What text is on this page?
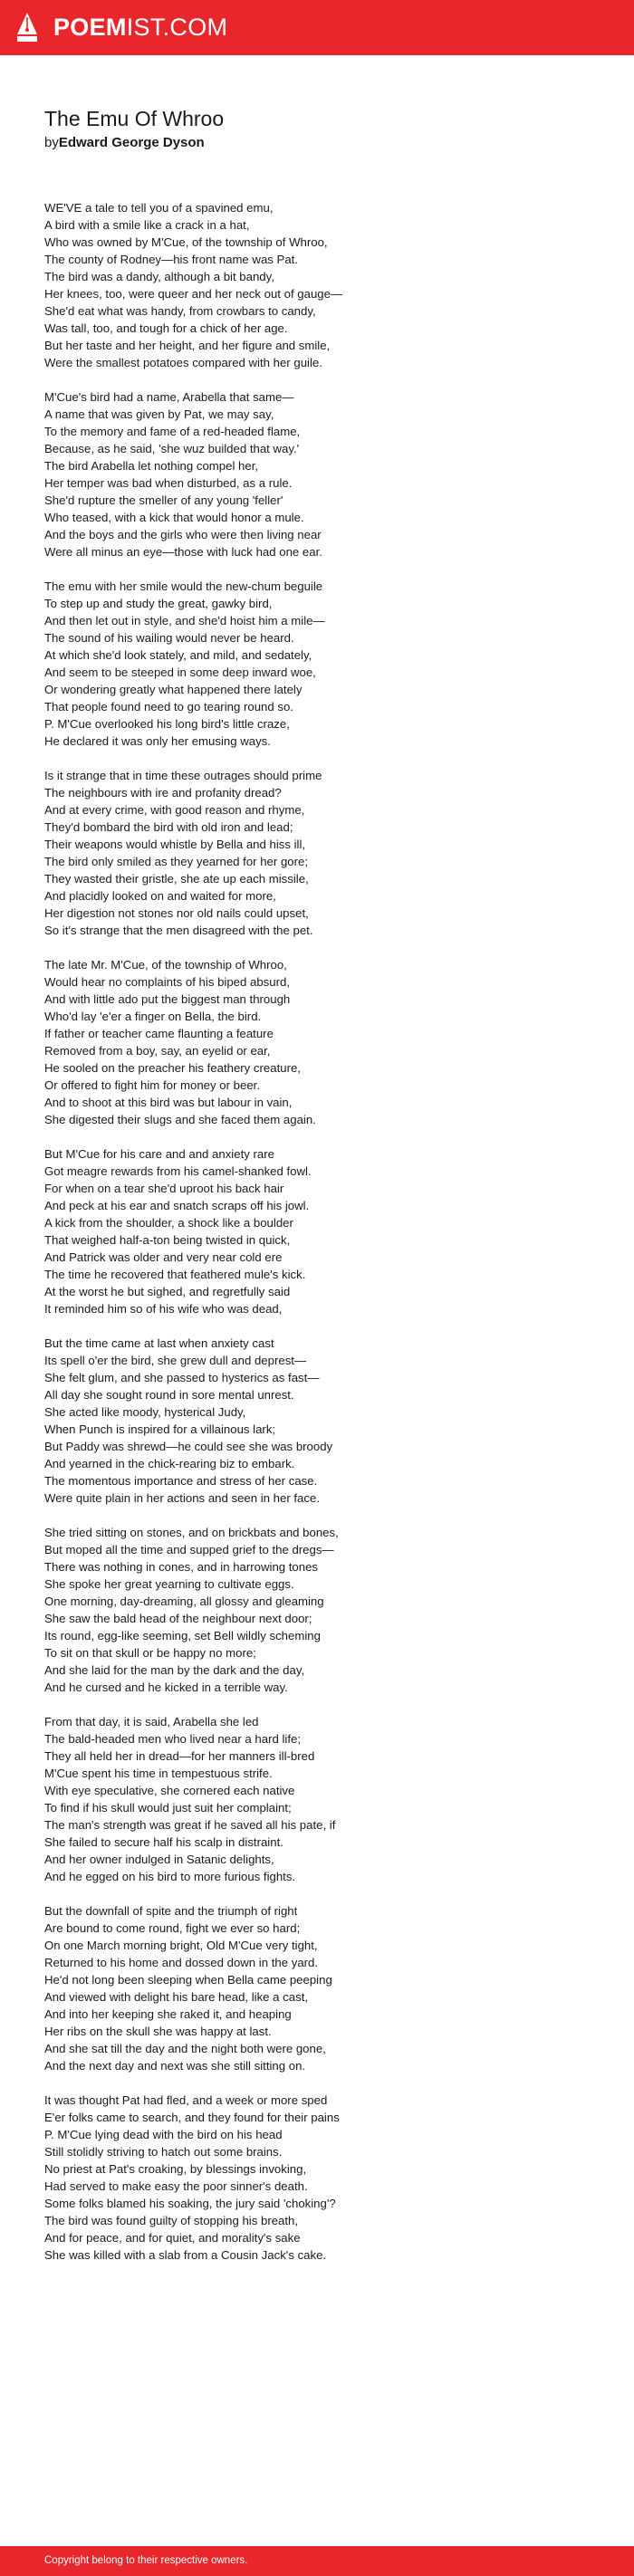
POEMIST.COM
The Emu Of Whroo
byEdward George Dyson
WE'VE a tale to tell you of a spavined emu,
A bird with a smile like a crack in a hat,
Who was owned by M'Cue, of the township of Whroo,
The county of Rodney—his front name was Pat.
The bird was a dandy, although a bit bandy,
Her knees, too, were queer and her neck out of gauge—
She'd eat what was handy, from crowbars to candy,
Was tall, too, and tough for a chick of her age.
But her taste and her height, and her figure and smile,
Were the smallest potatoes compared with her guile.
M'Cue's bird had a name, Arabella that same—
A name that was given by Pat, we may say,
To the memory and fame of a red-headed flame,
Because, as he said, 'she wuz builded that way.'
The bird Arabella let nothing compel her,
Her temper was bad when disturbed, as a rule.
She'd rupture the smeller of any young 'feller'
Who teased, with a kick that would honor a mule.
And the boys and the girls who were then living near
Were all minus an eye—those with luck had one ear.
The emu with her smile would the new-chum beguile
To step up and study the great, gawky bird,
And then let out in style, and she'd hoist him a mile—
The sound of his wailing would never be heard.
At which she'd look stately, and mild, and sedately,
And seem to be steeped in some deep inward woe,
Or wondering greatly what happened there lately
That people found need to go tearing round so.
P. M'Cue overlooked his long bird's little craze,
He declared it was only her emusing ways.
Is it strange that in time these outrages should prime
The neighbours with ire and profanity dread?
And at every crime, with good reason and rhyme,
They'd bombard the bird with old iron and lead;
Their weapons would whistle by Bella and hiss ill,
The bird only smiled as they yearned for her gore;
They wasted their gristle, she ate up each missile,
And placidly looked on and waited for more,
Her digestion not stones nor old nails could upset,
So it's strange that the men disagreed with the pet.
The late Mr. M'Cue, of the township of Whroo,
Would hear no complaints of his biped absurd,
And with little ado put the biggest man through
Who'd lay 'e'er a finger on Bella, the bird.
If father or teacher came flaunting a feature
Removed from a boy, say, an eyelid or ear,
He sooled on the preacher his feathery creature,
Or offered to fight him for money or beer.
And to shoot at this bird was but labour in vain,
She digested their slugs and she faced them again.
But M'Cue for his care and and anxiety rare
Got meagre rewards from his camel-shanked fowl.
For when on a tear she'd uproot his back hair
And peck at his ear and snatch scraps off his jowl.
A kick from the shoulder, a shock like a boulder
That weighed half-a-ton being twisted in quick,
And Patrick was older and very near cold ere
The time he recovered that feathered mule's kick.
At the worst he but sighed, and regretfully said
It reminded him so of his wife who was dead,
But the time came at last when anxiety cast
Its spell o'er the bird, she grew dull and deprest—
She felt glum, and she passed to hysterics as fast—
All day she sought round in sore mental unrest.
She acted like moody, hysterical Judy,
When Punch is inspired for a villainous lark;
But Paddy was shrewd—he could see she was broody
And yearned in the chick-rearing biz to embark.
The momentous importance and stress of her case.
Were quite plain in her actions and seen in her face.
She tried sitting on stones, and on brickbats and bones,
But moped all the time and supped grief to the dregs—
There was nothing in cones, and in harrowing tones
She spoke her great yearning to cultivate eggs.
One morning, day-dreaming, all glossy and gleaming
She saw the bald head of the neighbour next door;
Its round, egg-like seeming, set Bell wildly scheming
To sit on that skull or be happy no more;
And she laid for the man by the dark and the day,
And he cursed and he kicked in a terrible way.
From that day, it is said, Arabella she led
The bald-headed men who lived near a hard life;
They all held her in dread—for her manners ill-bred
M'Cue spent his time in tempestuous strife.
With eye speculative, she cornered each native
To find if his skull would just suit her complaint;
The man's strength was great if he saved all his pate, if
She failed to secure half his scalp in distraint.
And her owner indulged in Satanic delights,
And he egged on his bird to more furious fights.
But the downfall of spite and the triumph of right
Are bound to come round, fight we ever so hard;
On one March morning bright, Old M'Cue very tight,
Returned to his home and dossed down in the yard.
He'd not long been sleeping when Bella came peeping
And viewed with delight his bare head, like a cast,
And into her keeping she raked it, and heaping
Her ribs on the skull she was happy at last.
And she sat till the day and the night both were gone,
And the next day and next was she still sitting on.
It was thought Pat had fled, and a week or more sped
E'er folks came to search, and they found for their pains
P. M'Cue lying dead with the bird on his head
Still stolidly striving to hatch out some brains.
No priest at Pat's croaking, by blessings invoking,
Had served to make easy the poor sinner's death.
Some folks blamed his soaking, the jury said 'choking'?
The bird was found guilty of stopping his breath,
And for peace, and for quiet, and morality's sake
She was killed with a slab from a Cousin Jack's cake.
Copyright belong to their respective owners.
